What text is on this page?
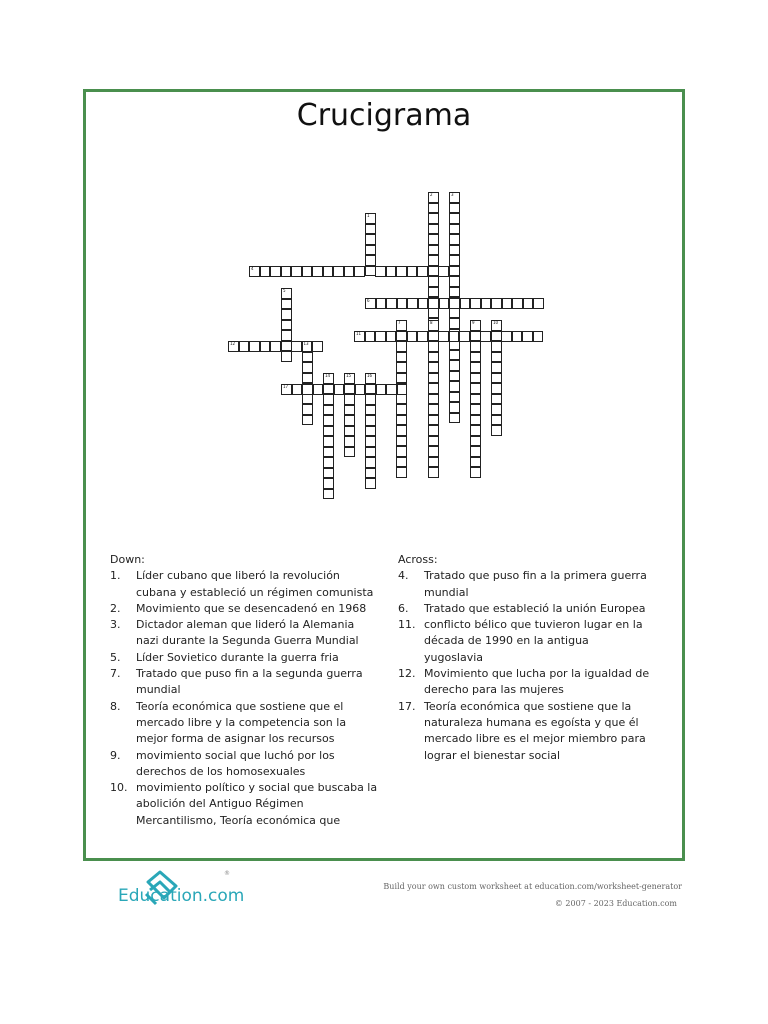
Crucigrama
2	3
1
4
5
6
7	8	9	10
11
12	13
14	15	16
17
Down:
1. Líder cubano que liberó la revolución cubana y estableció un régimen comunista
2. Movimiento que se desencadenó en 1968
3. Dictador aleman que lideró la Alemania nazi durante la Segunda Guerra Mundial
5. Líder Sovietico durante la guerra fria
7. Tratado que puso fin a la segunda guerra mundial
8. Teoría económica que sostiene que el mercado libre y la competencia son la mejor forma de asignar los recursos
9. movimiento social que luchó por los derechos de los homosexuales
10. movimiento político y social que buscaba la abolición del Antiguo Régimen Mercantilismo, Teoría económica que
Across:
4. Tratado que puso fin a la primera guerra mundial
6. Tratado que estableció la unión Europea
11. conflicto bélico que tuvieron lugar en la década de 1990 en la antigua yugoslavia
12. Movimiento que lucha por la igualdad de derecho para las mujeres
17. Teoría económica que sostiene que la naturaleza humana es egoísta y que él mercado libre es el mejor miembro para lograr el bienestar social
Education.com
®
Build your own custom worksheet at education.com/worksheet-generator
© 2007 - 2023 Education.com
